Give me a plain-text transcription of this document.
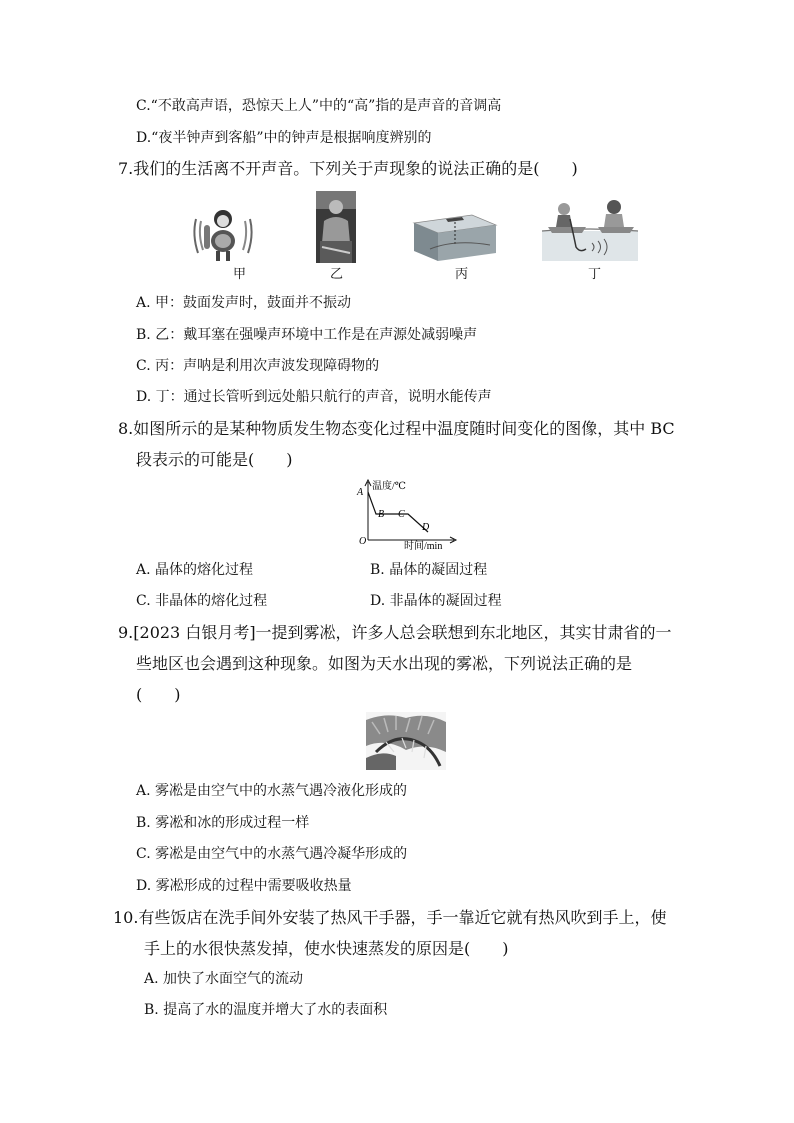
C.“不敢高声语，恐惊天上人”中的“高”指的是声音的音调高
D.“夜半钟声到客船”中的钟声是根据响度辨别的
7.我们的生活离不开声音。下列关于声现象的说法正确的是(　　)
甲	乙	丙	丁
A. 甲：鼓面发声时，鼓面并不振动
B. 乙：戴耳塞在强噪声环境中工作是在声源处减弱噪声
C. 丙：声呐是利用次声波发现障碍物的
D. 丁：通过长管听到远处船只航行的声音，说明水能传声
8.如图所示的是某种物质发生物态变化过程中温度随时间变化的图像，其中 BC
段表示的可能是(　　)
温度/℃
时间/min
O
A
B C
D
A. 晶体的熔化过程	B. 晶体的凝固过程
C. 非晶体的熔化过程	D. 非晶体的凝固过程
9.[2023 白银月考]一提到雾凇，许多人总会联想到东北地区，其实甘肃省的一
些地区也会遇到这种现象。如图为天水出现的雾凇，下列说法正确的是
(　　)
A. 雾凇是由空气中的水蒸气遇冷液化形成的
B. 雾凇和冰的形成过程一样
C. 雾凇是由空气中的水蒸气遇冷凝华形成的
D. 雾凇形成的过程中需要吸收热量
10.有些饭店在洗手间外安装了热风干手器，手一靠近它就有热风吹到手上，使
手上的水很快蒸发掉，使水快速蒸发的原因是(　　)
A. 加快了水面空气的流动
B. 提高了水的温度并增大了水的表面积
